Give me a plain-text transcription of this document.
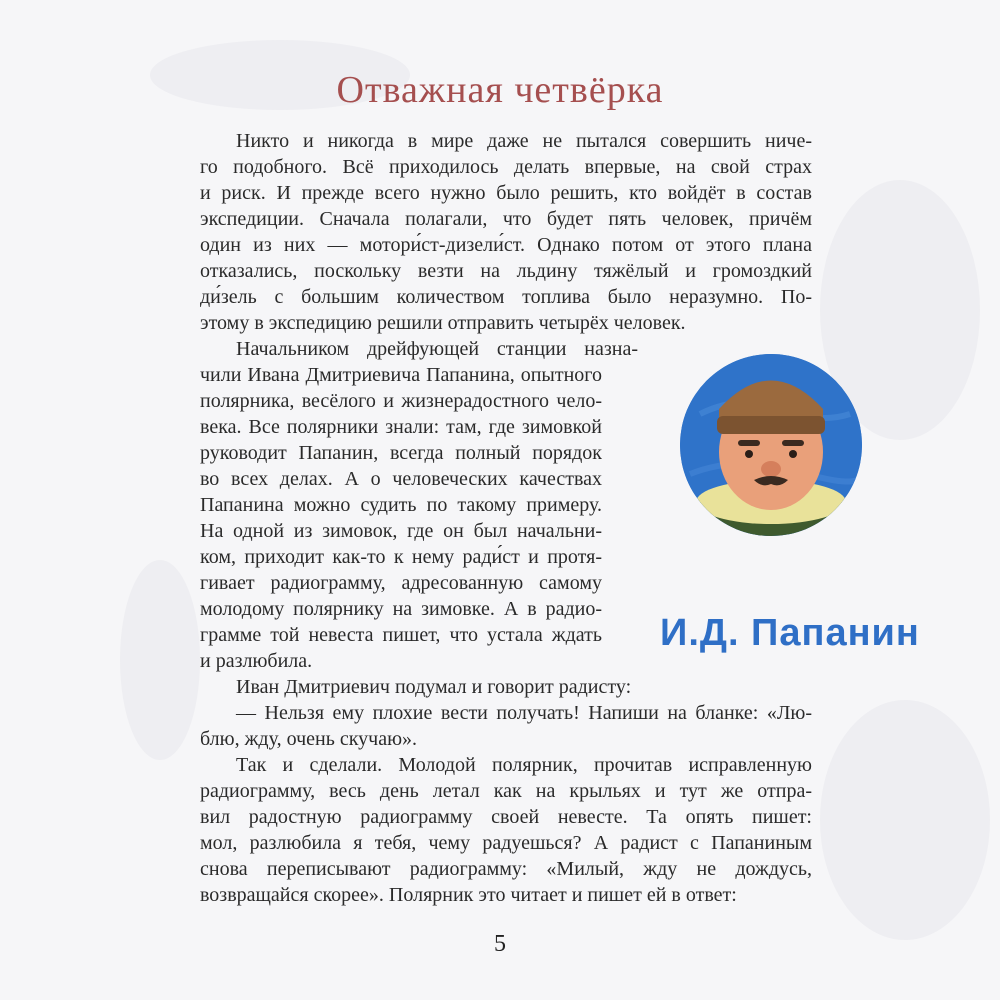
Отважная четвёрка

Никто и никогда в мире даже не пытался совершить ниче-
го подобного. Всё приходилось делать впервые, на свой страх
и риск. И прежде всего нужно было решить, кто войдёт в состав
экспедиции. Сначала полагали, что будет пять человек, причём
один из них — мотори́ст-дизели́ст. Однако потом от этого плана
отказались, поскольку везти на льдину тяжёлый и громоздкий
ди́зель с большим количеством топлива было неразумно. По-
этому в экспедицию решили отправить четырёх человек.

Начальником дрейфующей станции назна-
чили Ивана Дмитриевича Папанина, опытного
полярника, весёлого и жизнерадостного чело-
века. Все полярники знали: там, где зимовкой
руководит Папанин, всегда полный порядок
во всех делах. А о человеческих качествах
Папанина можно судить по такому примеру.
На одной из зимовок, где он был начальни-
ком, приходит как-то к нему ради́ст и протя-
гивает радиограмму, адресованную самому
молодому полярнику на зимовке. А в радио-
грамме той невеста пишет, что устала ждать
и разлюбила.

Иван Дмитриевич подумал и говорит радисту:

— Нельзя ему плохие вести получать! Напиши на бланке: «Лю-
блю, жду, очень скучаю».

Так и сделали. Молодой полярник, прочитав исправленную
радиограмму, весь день летал как на крыльях и тут же отпра-
вил радостную радиограмму своей невесте. Та опять пишет:
мол, разлюбила я тебя, чему радуешься? А радист с Папаниным
снова переписывают радиограмму: «Милый, жду не дождусь,
возвращайся скорее». Полярник это читает и пишет ей в ответ:

И.Д. Папанин
5
